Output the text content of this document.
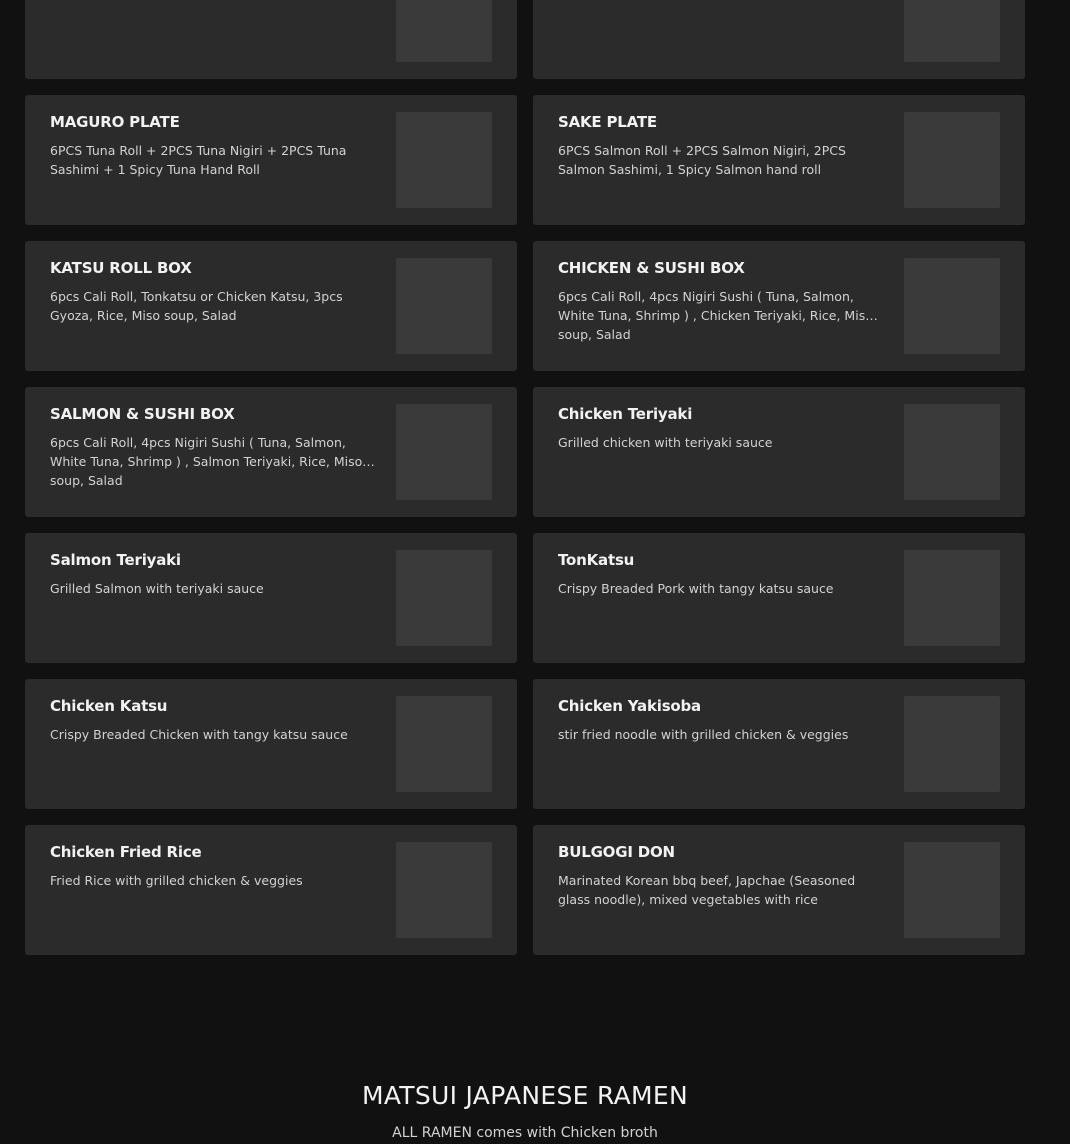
MAGURO PLATE
6PCS Tuna Roll + 2PCS Tuna Nigiri + 2PCS Tuna Sashimi + 1 Spicy Tuna Hand Roll
SAKE PLATE
6PCS Salmon Roll + 2PCS Salmon Nigiri, 2PCS Salmon Sashimi, 1 Spicy Salmon hand roll
KATSU ROLL BOX
6pcs Cali Roll, Tonkatsu or Chicken Katsu, 3pcs Gyoza, Rice, Miso soup, Salad
CHICKEN & SUSHI BOX
6pcs Cali Roll, 4pcs Nigiri Sushi ( Tuna, Salmon, White Tuna, Shrimp ) , Chicken Teriyaki, Rice, Miso soup, Salad
SALMON & SUSHI BOX
6pcs Cali Roll, 4pcs Nigiri Sushi ( Tuna, Salmon, White Tuna, Shrimp ) , Salmon Teriyaki, Rice, Miso soup, Salad
Chicken Teriyaki
Grilled chicken with teriyaki sauce
Salmon Teriyaki
Grilled Salmon with teriyaki sauce
TonKatsu
Crispy Breaded Pork with tangy katsu sauce
Chicken Katsu
Crispy Breaded Chicken with tangy katsu sauce
Chicken Yakisoba
stir fried noodle with grilled chicken & veggies
Chicken Fried Rice
Fried Rice with grilled chicken & veggies
BULGOGI DON
Marinated Korean bbq beef, Japchae (Seasoned glass noodle), mixed vegetables with rice
MATSUI JAPANESE RAMEN
ALL RAMEN comes with Chicken broth
